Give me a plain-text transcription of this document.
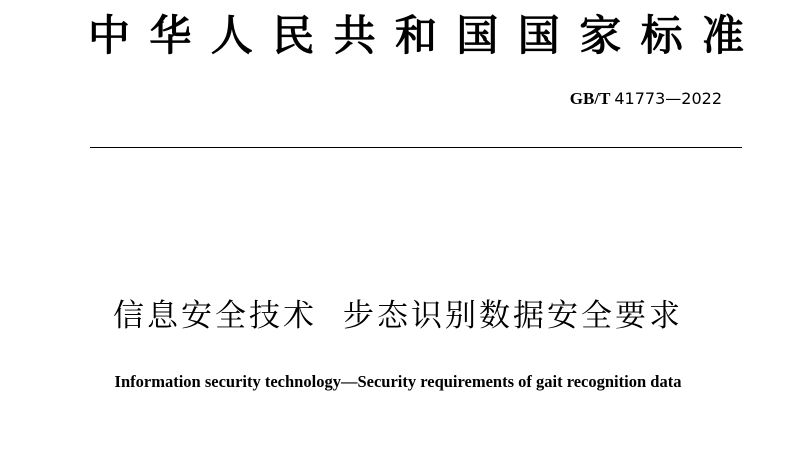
中华人民共和国国家标准
GB/T 41773—2022
信息安全技术 步态识别数据安全要求
Information security technology—Security requirements of gait recognition data
